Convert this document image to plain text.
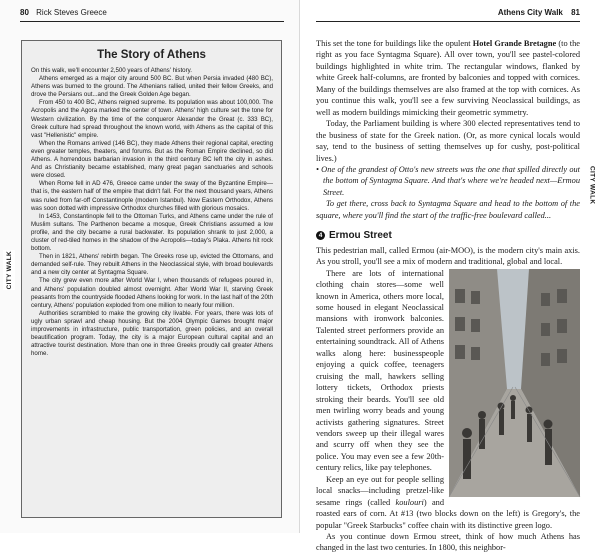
80 Rick Steves Greece
CITY WALK
The Story of Athens

On this walk, we'll encounter 2,500 years of Athens' history.

Athens emerged as a major city around 500 BC. But when Persia invaded (480 BC), Athens was burned to the ground. The Athenians rallied, united their fellow Greeks, and drove the Persians out...and the Greek Golden Age began.

From 450 to 400 BC, Athens reigned supreme. Its population was about 100,000. The Acropolis and the Agora marked the center of town. Athens' high culture set the tone for Western civilization. By the time of the conqueror Alexander the Great (c. 333 BC), Greek culture had spread throughout the known world, with Athens as the capital of this vast "Hellenistic" empire.

When the Romans arrived (146 BC), they made Athens their regional capital, erecting even greater temples, theaters, and forums. But as the Roman Empire declined, so did Athens. A horrendous barbarian invasion in the third century BC left the city in ashes. And as Christianity became established, many great pagan sanctuaries and schools were closed.

When Rome fell in AD 476, Greece came under the sway of the Byzantine Empire—that is, the eastern half of the empire that didn't fall. For the next thousand years, Athens was ruled from far-off Constantinople (modern Istanbul). Now Eastern Orthodox, Athens was soon dotted with impressive Orthodox churches filled with glorious mosaics.

In 1453, Constantinople fell to the Ottoman Turks, and Athens came under the rule of Muslim sultans. The Parthenon became a mosque, Greek Christians assumed a low profile, and the city became a rural backwater. Its population shrank to just 2,000, a cluster of red-tiled homes in the shadow of the Acropolis—today's Plaka. Athens hit rock bottom.

Then in 1821, Athens' rebirth began. The Greeks rose up, evicted the Ottomans, and demanded self-rule. They rebuilt Athens in the Neoclassical style, with broad boulevards and a new city center at Syntagma Square.

The city grew even more after World War I, when thousands of refugees poured in, and Athens' population doubled almost overnight. After World War II, starving Greek peasants from the countryside flooded Athens looking for work. In the last half of the 20th century, Athens' population exploded from one million to nearly four million.

Authorities scrambled to make the growing city livable. For years, there was lots of ugly urban sprawl and cheap housing. But the 2004 Olympic Games brought major improvements in infrastructure, public transportation, green policies, and an overall beautification program. Today, the city is a major European cultural capital and an attractive tourist destination. More than one in three Greeks proudly call greater Athens home.

Athens City Walk 81
CITY WALK

This set the tone for buildings like the opulent Hotel Grande Bretagne (to the right as you face Syntagma Square). All over town, you'll see pastel-colored buildings highlighted in white trim. The rectangular windows, flanked by white Greek half-columns, are fronted by balconies and topped with cornices. Many of the buildings themselves are also framed at the top with cornices. As you continue this walk, you'll see a few surviving Neoclassical buildings, as well as modern buildings mimicking their geometric symmetry.

Today, the Parliament building is where 300 elected representatives tend to the business of state for the Greek nation. (Or, as more cynical locals would say, tend to the business of setting themselves up for cushy, post-political lives.)

• One of the grandest of Otto's new streets was the one that spilled directly out the bottom of Syntagma Square. And that's where we're headed next—Ermou Street.

To get there, cross back to Syntagma Square and head to the bottom of the square, where you'll find the start of the traffic-free boulevard called...

4 Ermou Street

This pedestrian mall, called Ermou (air-MOO), is the modern city's main axis. As you stroll, you'll see a mix of modern and traditional, global and local.

There are lots of international clothing chain stores—some well known in America, others more local, some housed in elegant Neoclassical mansions with ironwork balconies. Talented street performers provide an entertaining soundtrack. All of Athens walks along here: businesspeople enjoying a quick coffee, teenagers cruising the mall, hawkers selling lottery tickets, Orthodox priests stroking their beards. You'll see old men twirling worry beads and young activists gathering signatures. Street vendors sweep up their illegal wares and scurry off when they see the police. You may even see a few 20th-century relics, like pay telephones.

Keep an eye out for people selling local snacks—including pretzel-like sesame rings (called koulouri) and roasted ears of corn. At #13 (two blocks down on the left) is Gregory's, the popular "Greek Starbucks" coffee chain with its distinctive green logo.

As you continue down Ermou street, think of how much Athens has changed in the last two centuries. In 1800, this neighbor-
